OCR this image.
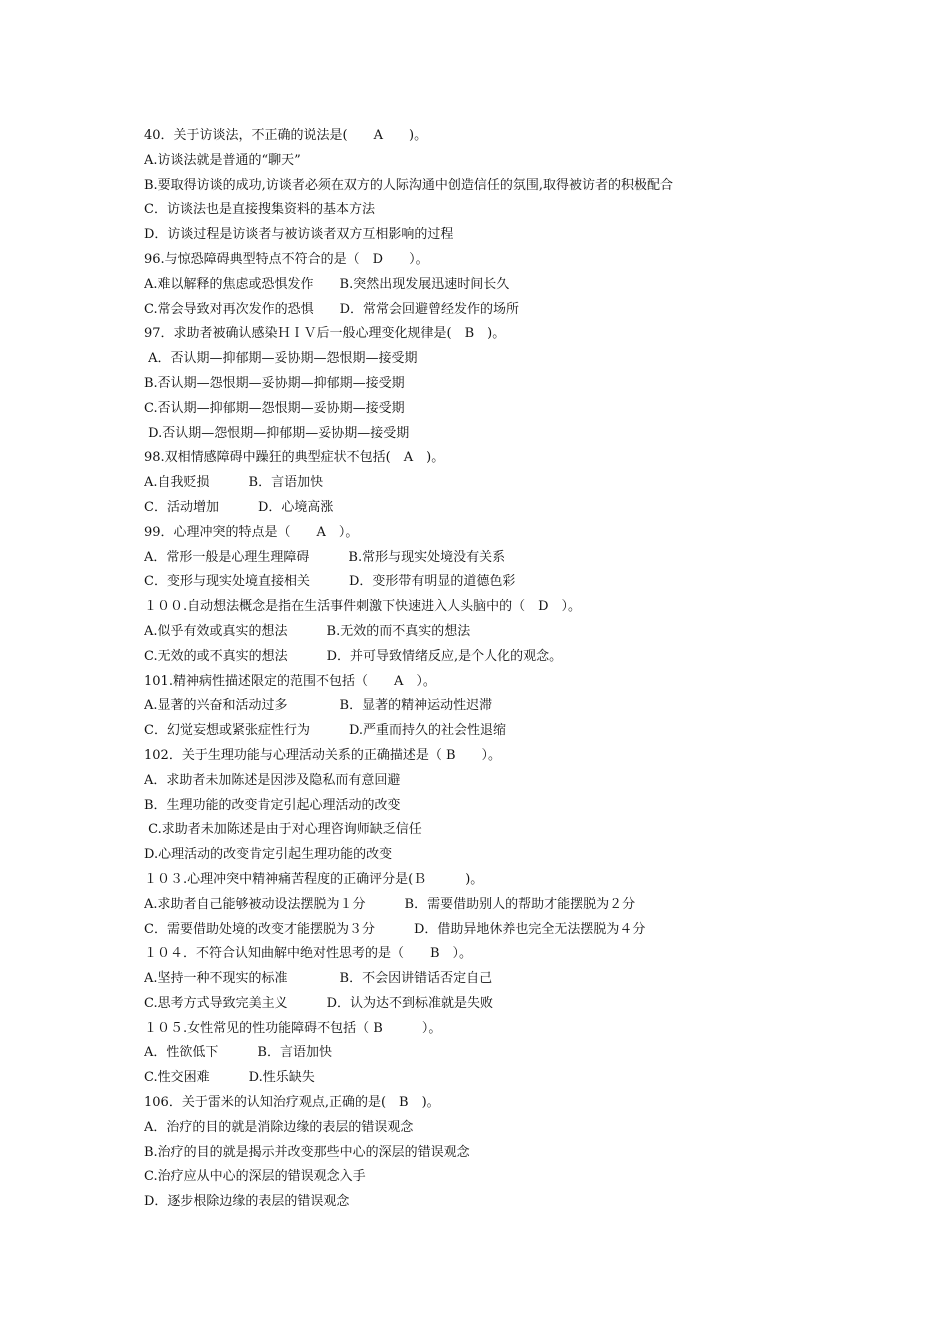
40．关于访谈法，不正确的说法是(　　A　　)。
A.访谈法就是普通的“聊天”
B.要取得访谈的成功,访谈者必须在双方的人际沟通中创造信任的氛围,取得被访者的积极配合
C．访谈法也是直接搜集资料的基本方法
D．访谈过程是访谈者与被访谈者双方互相影响的过程
96.与惊恐障碍典型特点不符合的是（　D　　）。
A.难以解释的焦虑或恐惧发作　　B.突然出现发展迅速时间长久
C.常会导致对再次发作的恐惧　　D．常常会回避曾经发作的场所
97．求助者被确认感染ＨＩＶ后一般心理变化规律是(　B　)。
A．否认期—抑郁期—妥协期—怨恨期—接受期
B.否认期—怨恨期—妥协期—抑郁期—接受期
C.否认期—抑郁期—怨恨期—妥协期—接受期
D.否认期—怨恨期—抑郁期—妥协期—接受期
98.双相情感障碍中躁狂的典型症状不包括(　A　)。
A.自我贬损　　　B．言语加快
C．活动增加　　　D．心境高涨
99．心理冲突的特点是（　　A　）。
A．常形一般是心理生理障碍　　　B.常形与现实处境没有关系
C．变形与现实处境直接相关　　　D．变形带有明显的道德色彩
１００.自动想法概念是指在生活事件刺激下快速进入人头脑中的（　D　）。
A.似乎有效或真实的想法　　　B.无效的而不真实的想法
C.无效的或不真实的想法　　　D．并可导致情绪反应,是个人化的观念。
101.精神病性描述限定的范围不包括（　　A　）。
A.显著的兴奋和活动过多　　　　B．显著的精神运动性迟滞
C．幻觉妄想或紧张症性行为　　　D.严重而持久的社会性退缩
102．关于生理功能与心理活动关系的正确描述是（ B　　）。
A．求助者未加陈述是因涉及隐私而有意回避
B．生理功能的改变肯定引起心理活动的改变
C.求助者未加陈述是由于对心理咨询师缺乏信任
D.心理活动的改变肯定引起生理功能的改变
１０３.心理冲突中精神痛苦程度的正确评分是(Ｂ　　　)。
A.求助者自己能够被动设法摆脱为１分　　　B．需要借助别人的帮助才能摆脱为２分
C．需要借助处境的改变才能摆脱为３分　　　D．借助异地休养也完全无法摆脱为４分
１０４．不符合认知曲解中绝对性思考的是（　　B　）。
A.坚持一种不现实的标准　　　　B．不会因讲错话否定自己
C.思考方式导致完美主义　　　D．认为达不到标准就是失败
１０５.女性常见的性功能障碍不包括（ B　　　）。
A．性欲低下　　　B．言语加快
C.性交困难　　　D.性乐缺失
106．关于雷米的认知治疗观点,正确的是(　B　)。
A．治疗的目的就是消除边缘的表层的错误观念
B.治疗的目的就是揭示并改变那些中心的深层的错误观念
C.治疗应从中心的深层的错误观念入手
D．逐步根除边缘的表层的错误观念
